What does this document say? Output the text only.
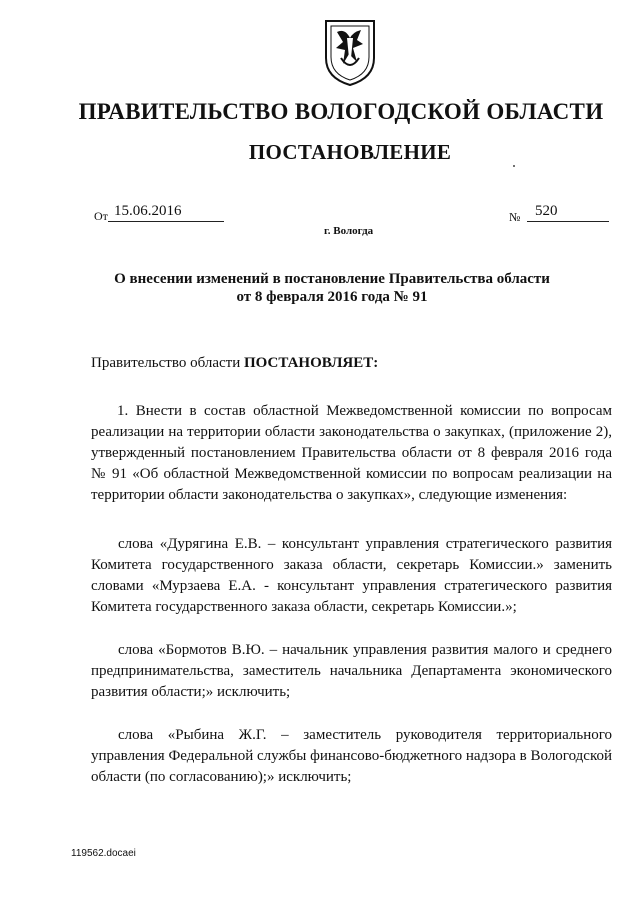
ПРАВИТЕЛЬСТВО ВОЛОГОДСКОЙ ОБЛАСТИ
ПОСТАНОВЛЕНИЕ
От 15.06.2016	№ 520
г. Вологда
О внесении изменений в постановление Правительства области
от 8 февраля 2016 года № 91
Правительство области ПОСТАНОВЛЯЕТ:
1. Внести в состав областной Межведомственной комиссии по вопросам реализации на территории области законодательства о закупках, (приложение 2), утвержденный постановлением Правительства области от 8 февраля 2016 года № 91 «Об областной Межведомственной комиссии по вопросам реализации на территории области законодательства о закупках», следующие изменения:
слова «Дурягина Е.В. – консультант управления стратегического развития Комитета государственного заказа области, секретарь Комиссии.» заменить словами «Мурзаева Е.А. - консультант управления стратегического развития Комитета государственного заказа области, секретарь Комиссии.»;
слова «Бормотов В.Ю. – начальник управления развития малого и среднего предпринимательства, заместитель начальника Департамента экономического развития области;» исключить;
слова «Рыбина Ж.Г. – заместитель руководителя территориального управления Федеральной службы финансово-бюджетного надзора в Вологодской области (по согласованию);» исключить;
119562.docaei
